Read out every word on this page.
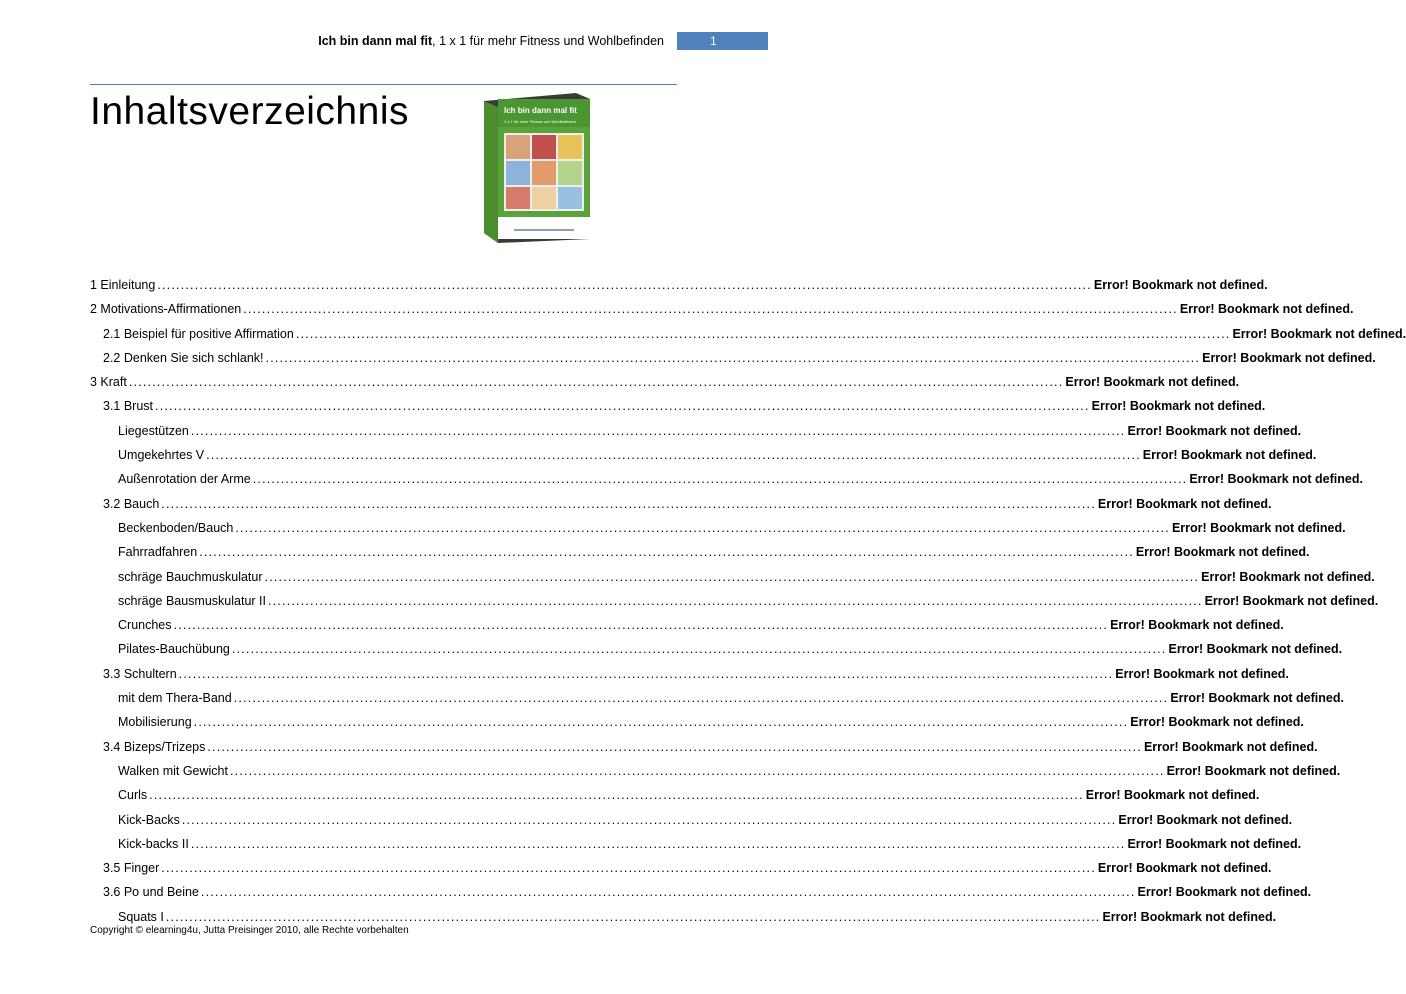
Ich bin dann mal fit, 1 x 1 für mehr Fitness und Wohlbefinden	1
Inhaltsverzeichnis	Ich bin dann mal fit
1 x 1 für mehr Fitness und Wohlbefinden
1 Einleitung ........................................................................................................................................................................................................ Error! Bookmark not defined.
2 Motivations-Affirmationen ........................................................................................................................................................................................................ Error! Bookmark not defined.
2.1 Beispiel für positive Affirmation ........................................................................................................................................................................................................ Error! Bookmark not defined.
2.2 Denken Sie sich schlank! ........................................................................................................................................................................................................ Error! Bookmark not defined.
3 Kraft ........................................................................................................................................................................................................ Error! Bookmark not defined.
3.1 Brust ........................................................................................................................................................................................................ Error! Bookmark not defined.
Liegestützen ........................................................................................................................................................................................................ Error! Bookmark not defined.
Umgekehrtes V ........................................................................................................................................................................................................ Error! Bookmark not defined.
Außenrotation der Arme ........................................................................................................................................................................................................ Error! Bookmark not defined.
3.2 Bauch ........................................................................................................................................................................................................ Error! Bookmark not defined.
Beckenboden/Bauch ........................................................................................................................................................................................................ Error! Bookmark not defined.
Fahrradfahren ........................................................................................................................................................................................................ Error! Bookmark not defined.
schräge Bauchmuskulatur ........................................................................................................................................................................................................ Error! Bookmark not defined.
schräge Bausmuskulatur II ........................................................................................................................................................................................................ Error! Bookmark not defined.
Crunches ........................................................................................................................................................................................................ Error! Bookmark not defined.
Pilates-Bauchübung ........................................................................................................................................................................................................ Error! Bookmark not defined.
3.3 Schultern ........................................................................................................................................................................................................ Error! Bookmark not defined.
mit dem Thera-Band ........................................................................................................................................................................................................ Error! Bookmark not defined.
Mobilisierung ........................................................................................................................................................................................................ Error! Bookmark not defined.
3.4 Bizeps/Trizeps ........................................................................................................................................................................................................ Error! Bookmark not defined.
Walken mit Gewicht ........................................................................................................................................................................................................ Error! Bookmark not defined.
Curls ........................................................................................................................................................................................................ Error! Bookmark not defined.
Kick-Backs ........................................................................................................................................................................................................ Error! Bookmark not defined.
Kick-backs II ........................................................................................................................................................................................................ Error! Bookmark not defined.
3.5 Finger ........................................................................................................................................................................................................ Error! Bookmark not defined.
3.6 Po und Beine ........................................................................................................................................................................................................ Error! Bookmark not defined.
Squats I ........................................................................................................................................................................................................ Error! Bookmark not defined.
Copyright © elearning4u, Jutta Preisinger 2010, alle Rechte vorbehalten
